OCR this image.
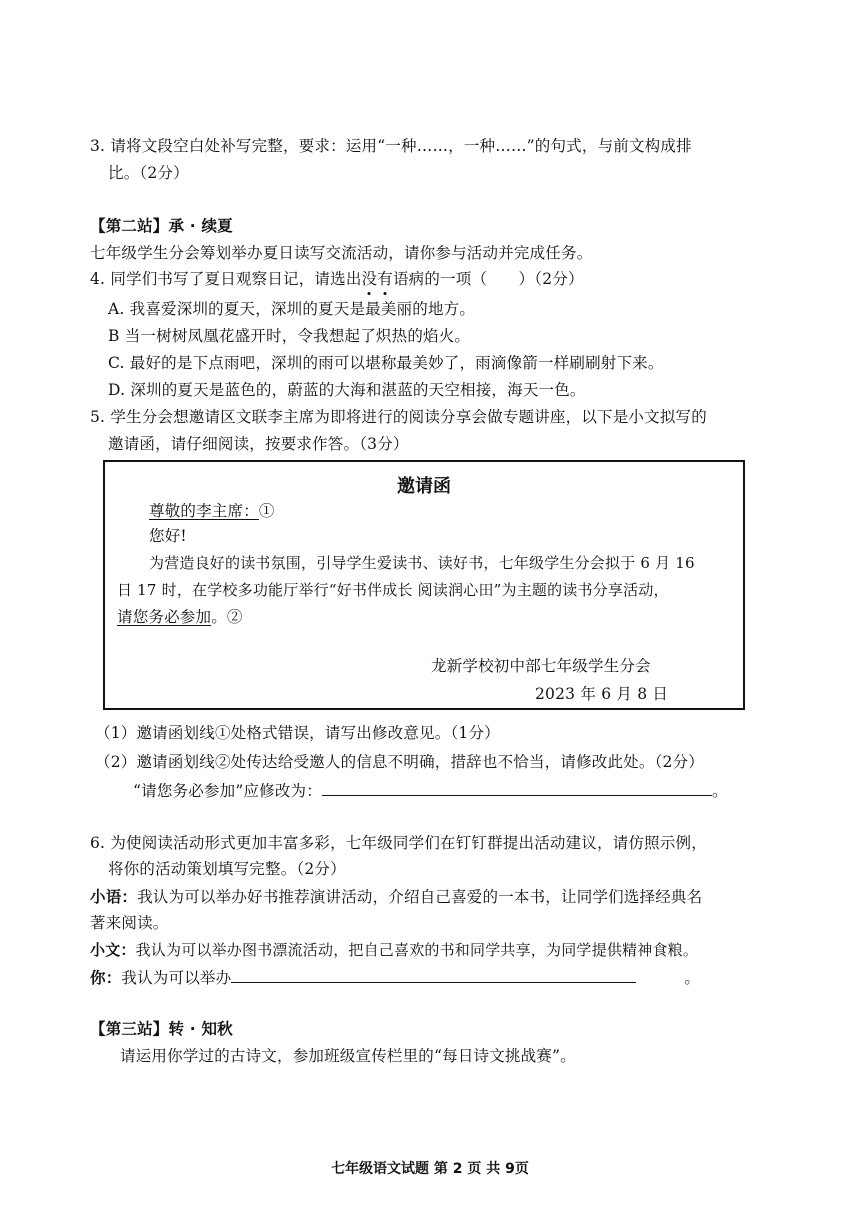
3. 请将文段空白处补写完整，要求：运用“一种……，一种……”的句式，与前文构成排

比。（2分）

【第二站】承 · 续夏

七年级学生分会筹划举办夏日读写交流活动，请你参与活动并完成任务。

4. 同学们书写了夏日观察日记，请选出没有语病的一项（　　）（2分）

A. 我喜爱深圳的夏天，深圳的夏天是最美丽的地方。

B 当一树树凤凰花盛开时，令我想起了炽热的焰火。

C. 最好的是下点雨吧，深圳的雨可以堪称最美妙了，雨滴像箭一样刷刷射下来。

D. 深圳的夏天是蓝色的，蔚蓝的大海和湛蓝的天空相接，海天一色。

5. 学生分会想邀请区文联李主席为即将进行的阅读分享会做专题讲座，以下是小文拟写的

邀请函，请仔细阅读，按要求作答。（3分）

邀请函

尊敬的李主席：①

您好!

为营造良好的读书氛围，引导学生爱读书、读好书，七年级学生分会拟于 6 月 16

日 17 时，在学校多功能厅举行“好书伴成长 阅读润心田”为主题的读书分享活动，

请您务必参加。②

龙新学校初中部七年级学生分会

2023 年 6 月 8 日

（1）邀请函划线①处格式错误，请写出修改意见。（1分）

（2）邀请函划线②处传达给受邀人的信息不明确，措辞也不恰当，请修改此处。（2分）

“请您务必参加”应修改为：	。

6. 为使阅读活动形式更加丰富多彩，七年级同学们在钉钉群提出活动建议，请仿照示例，

将你的活动策划填写完整。（2分）

小语：我认为可以举办好书推荐演讲活动，介绍自己喜爱的一本书，让同学们选择经典名

著来阅读。

小文：我认为可以举办图书漂流活动，把自己喜欢的书和同学共享，为同学提供精神食粮。

你：我认为可以举办	。

【第三站】转 · 知秋

请运用你学过的古诗文，参加班级宣传栏里的“每日诗文挑战赛”。

七年级语文试题 第 2 页 共 9页
